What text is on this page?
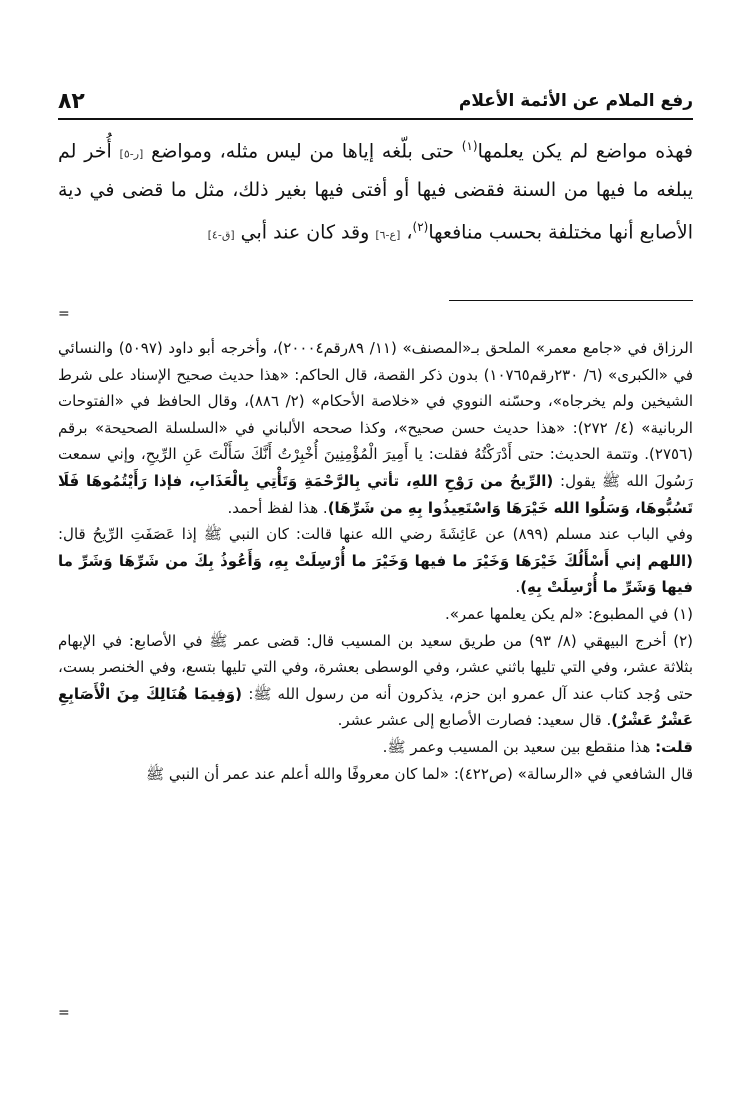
رفع الملام عن الأئمة الأعلام
٨٢

فهذه مواضع لم يكن يعلمها$^{(١)}$ حتى بلّغه إياها من ليس مثله، ومواضع [ر-٥] أُخر لم يبلغه ما فيها من السنة فقضى فيها أو أفتى فيها بغير ذلك، مثل ما قضى في دية الأصابع أنها مختلفة بحسب منافعها$^{(٢)}$، [ع-٦] وقد كان عند أبي [ق-٤]

=

الرزاق في «جامع معمر» الملحق بـ«المصنف» (١١/ ٨٩رقم٢٠٠٠٤)، وأخرجه أبو داود (٥٠٩٧) والنسائي في «الكبرى» (٦/ ٢٣٠رقم١٠٧٦٥) بدون ذكر القصة، قال الحاكم: «هذا حديث صحيح الإسناد على شرط الشيخين ولم يخرجاه»، وحسّنه النووي في «خلاصة الأحكام» (٢/ ٨٨٦)، وقال الحافظ في «الفتوحات الربانية» (٤/ ٢٧٢): «هذا حديث حسن صحيح»، وكذا صححه الألباني في «السلسلة الصحيحة» برقم (٢٧٥٦). وتتمة الحديث: حتى أَدْرَكْتُهُ فقلت: يا أَمِيرَ الْمُؤْمِنِينَ أُخْبِرْتُ أَنَّكَ سَأَلْتَ عَنِ الرِّيحِ، وإني سمعت رَسُولَ الله ﷺ يقول: (الرِّيحُ من رَوْحِ اللهِ، تأتي بِالرَّحْمَةِ وَتَأْتِي بِالْعَذَابِ، فإذا رَأَيْتُمُوهَا فَلَا تَسُبُّوهَا، وَسَلُوا الله خَيْرَهَا وَاسْتَعِيذُوا بِهِ من شَرِّهَا). هذا لفظ أحمد.

وفي الباب عند مسلم (٨٩٩) عن عَائِشَةَ رضي الله عنها قالت: كان النبي ﷺ إذا عَصَفَتِ الرِّيحُ قال: (اللهم إني أَسْأَلُكَ خَيْرَهَا وَخَيْرَ ما فيها وَخَيْرَ ما أُرْسِلَتْ بِهِ، وَأَعُوذُ بِكَ من شَرِّهَا وَشَرِّ ما فيها وَشَرِّ ما أُرْسِلَتْ بِهِ).

(١) في المطبوع: «لم يكن يعلمها عمر».

(٢) أخرج البيهقي (٨/ ٩٣) من طريق سعيد بن المسيب قال: قضى عمر ﷺ في الأصابع: في الإبهام بثلاثة عشر، وفي التي تليها باثني عشر، وفي الوسطى بعشرة، وفي التي تليها بتسع، وفي الخنصر بست، حتى وُجد كتاب عند آل عمرو ابن حزم، يذكرون أنه من رسول الله ﷺ: (وَفِيمَا هُنَالِكَ مِنَ الْأَصَابِعِ عَشْرٌ عَشْرٌ). قال سعيد: فصارت الأصابع إلى عشر عشر.

قلت: هذا منقطع بين سعيد بن المسيب وعمر ﷺ.

قال الشافعي في «الرسالة» (ص٤٢٢): «لما كان معروفًا والله أعلم عند عمر أن النبي ﷺ

=
